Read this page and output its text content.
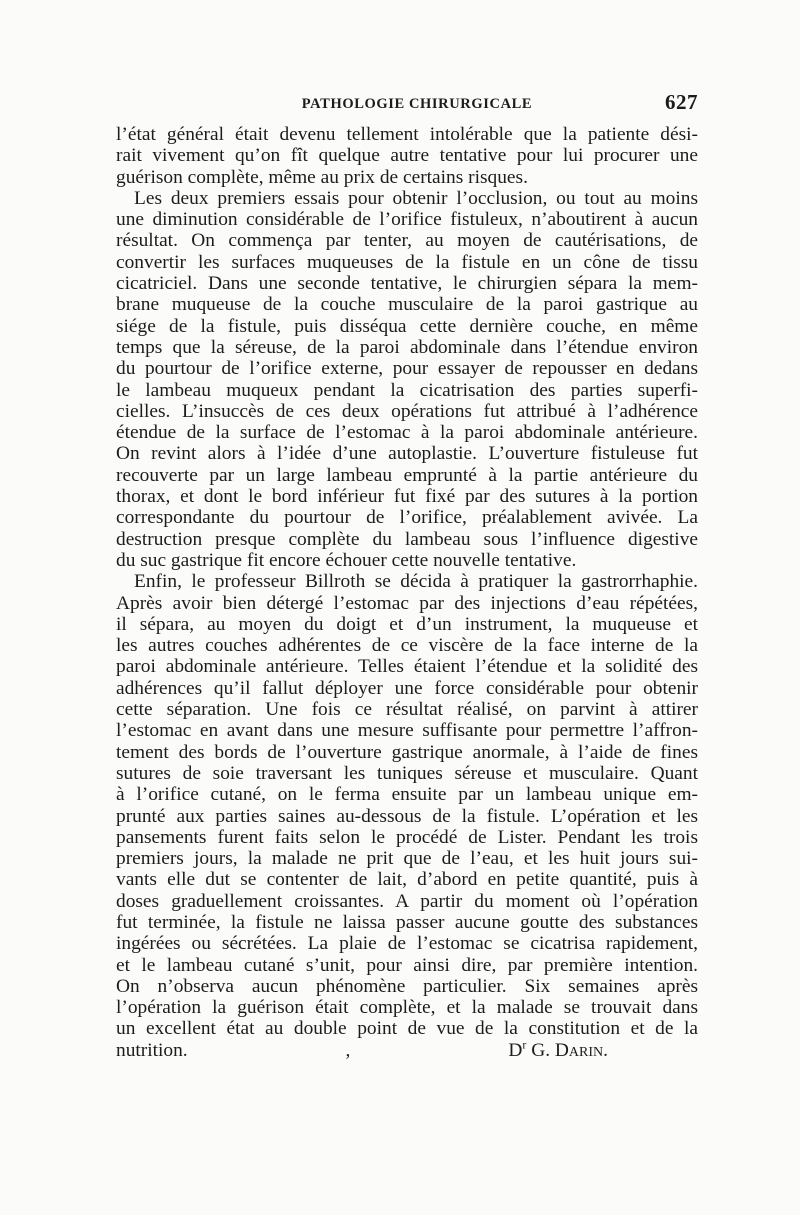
PATHOLOGIE CHIRURGICALE	627
l’état général était devenu tellement intolérable que la patiente dési-
rait vivement qu’on fît quelque autre tentative pour lui procurer une
guérison complète, même au prix de certains risques.
Les deux premiers essais pour obtenir l’occlusion, ou tout au moins
une diminution considérable de l’orifice fistuleux, n’aboutirent à aucun
résultat. On commença par tenter, au moyen de cautérisations, de
convertir les surfaces muqueuses de la fistule en un cône de tissu
cicatriciel. Dans une seconde tentative, le chirurgien sépara la mem-
brane muqueuse de la couche musculaire de la paroi gastrique au
siége de la fistule, puis disséqua cette dernière couche, en même
temps que la séreuse, de la paroi abdominale dans l’étendue environ
du pourtour de l’orifice externe, pour essayer de repousser en dedans
le lambeau muqueux pendant la cicatrisation des parties superfi-
cielles. L’insuccès de ces deux opérations fut attribué à l’adhérence
étendue de la surface de l’estomac à la paroi abdominale antérieure.
On revint alors à l’idée d’une autoplastie. L’ouverture fistuleuse fut
recouverte par un large lambeau emprunté à la partie antérieure du
thorax, et dont le bord inférieur fut fixé par des sutures à la portion
correspondante du pourtour de l’orifice, préalablement avivée. La
destruction presque complète du lambeau sous l’influence digestive
du suc gastrique fit encore échouer cette nouvelle tentative.
Enfin, le professeur Billroth se décida à pratiquer la gastrorrhaphie.
Après avoir bien détergé l’estomac par des injections d’eau répétées,
il sépara, au moyen du doigt et d’un instrument, la muqueuse et
les autres couches adhérentes de ce viscère de la face interne de la
paroi abdominale antérieure. Telles étaient l’étendue et la solidité des
adhérences qu’il fallut déployer une force considérable pour obtenir
cette séparation. Une fois ce résultat réalisé, on parvint à attirer
l’estomac en avant dans une mesure suffisante pour permettre l’affron-
tement des bords de l’ouverture gastrique anormale, à l’aide de fines
sutures de soie traversant les tuniques séreuse et musculaire. Quant
à l’orifice cutané, on le ferma ensuite par un lambeau unique em-
prunté aux parties saines au-dessous de la fistule. L’opération et les
pansements furent faits selon le procédé de Lister. Pendant les trois
premiers jours, la malade ne prit que de l’eau, et les huit jours sui-
vants elle dut se contenter de lait, d’abord en petite quantité, puis à
doses graduellement croissantes. A partir du moment où l’opération
fut terminée, la fistule ne laissa passer aucune goutte des substances
ingérées ou sécrétées. La plaie de l’estomac se cicatrisa rapidement,
et le lambeau cutané s’unit, pour ainsi dire, par première intention.
On n’observa aucun phénomène particulier. Six semaines après
l’opération la guérison était complète, et la malade se trouvait dans
un excellent état au double point de vue de la constitution et de la
nutrition.	,	$D^r$ G. Darin.
